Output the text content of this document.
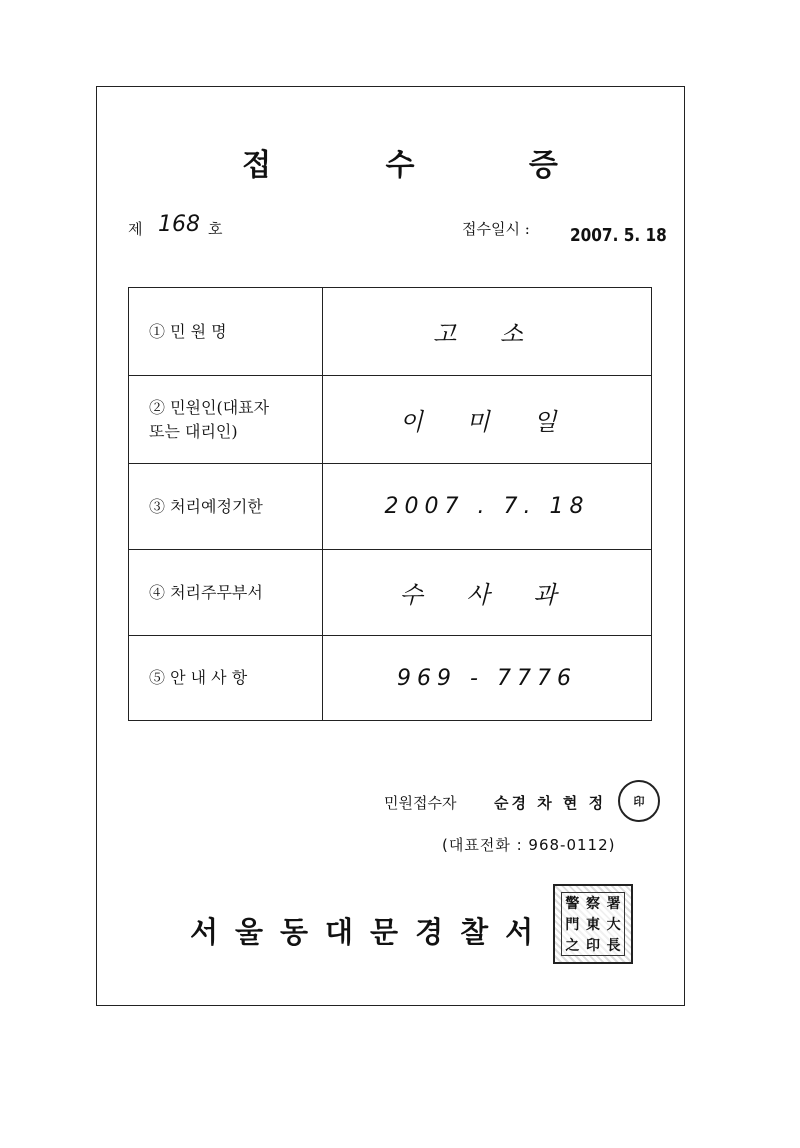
접 수 증
제 168 호	접수일시 : 2007. 5. 18
① 민 원 명	고 소
② 민원인(대표자
또는 대리인)	이 미 일
③ 처리예정기한	2007 . 7. 18
④ 처리주무부서	수 사 과
⑤ 안 내 사 항	969 - 7776
민원접수자	순경 차 현 정	印
(대표전화 : 968-0112)
서울동대문경찰서
警 察 署
門 東 大
之 印 長
